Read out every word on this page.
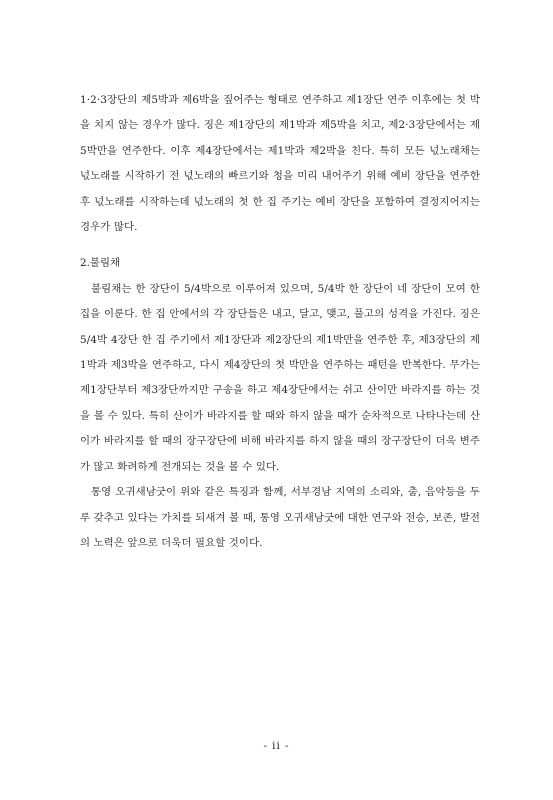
1·2·3장단의 제5박과 제6박을 짚어주는 형태로 연주하고 제1장단 연주 이후에는 첫 박을 치지 않는 경우가 많다. 징은 제1장단의 제1박과 제5박을 치고, 제2·3장단에서는 제5박만을 연주한다. 이후 제4장단에서는 제1박과 제2박을 친다. 특히 모든 넋노래채는 넋노래를 시작하기 전 넋노래의 빠르기와 청을 미리 내어주기 위해 예비 장단을 연주한 후 넋노래를 시작하는데 넋노래의 첫 한 집 주기는 예비 장단을 포함하여 결정지어지는 경우가 많다.

2.불림채

불림채는 한 장단이 5/4박으로 이루어져 있으며, 5/4박 한 장단이 네 장단이 모여 한 집을 이룬다. 한 집 안에서의 각 장단들은 내고, 달고, 맺고, 풀고의 성격을 가진다. 징은 5/4박 4장단 한 집 주기에서 제1장단과 제2장단의 제1박만을 연주한 후, 제3장단의 제1박과 제3박을 연주하고, 다시 제4장단의 첫 박만을 연주하는 패턴을 반복한다. 무가는 제1장단부터 제3장단까지만 구송을 하고 제4장단에서는 쉬고 산이만 바라지를 하는 것을 볼 수 있다. 특히 산이가 바라지를 할 때와 하지 않을 때가 순차적으로 나타나는데 산이가 바라지를 할 때의 장구장단에 비해 바라지를 하지 않을 때의 장구장단이 더욱 변주가 많고 화려하게 전개되는 것을 볼 수 있다.

통영 오귀새남굿이 위와 같은 특징과 함께, 서부경남 지역의 소리와, 춤, 음악등을 두루 갖추고 있다는 가치를 되새겨 볼 때, 통영 오귀새남굿에 대한 연구와 전승, 보존, 발전의 노력은 앞으로 더욱더 필요할 것이다.

- ii -
